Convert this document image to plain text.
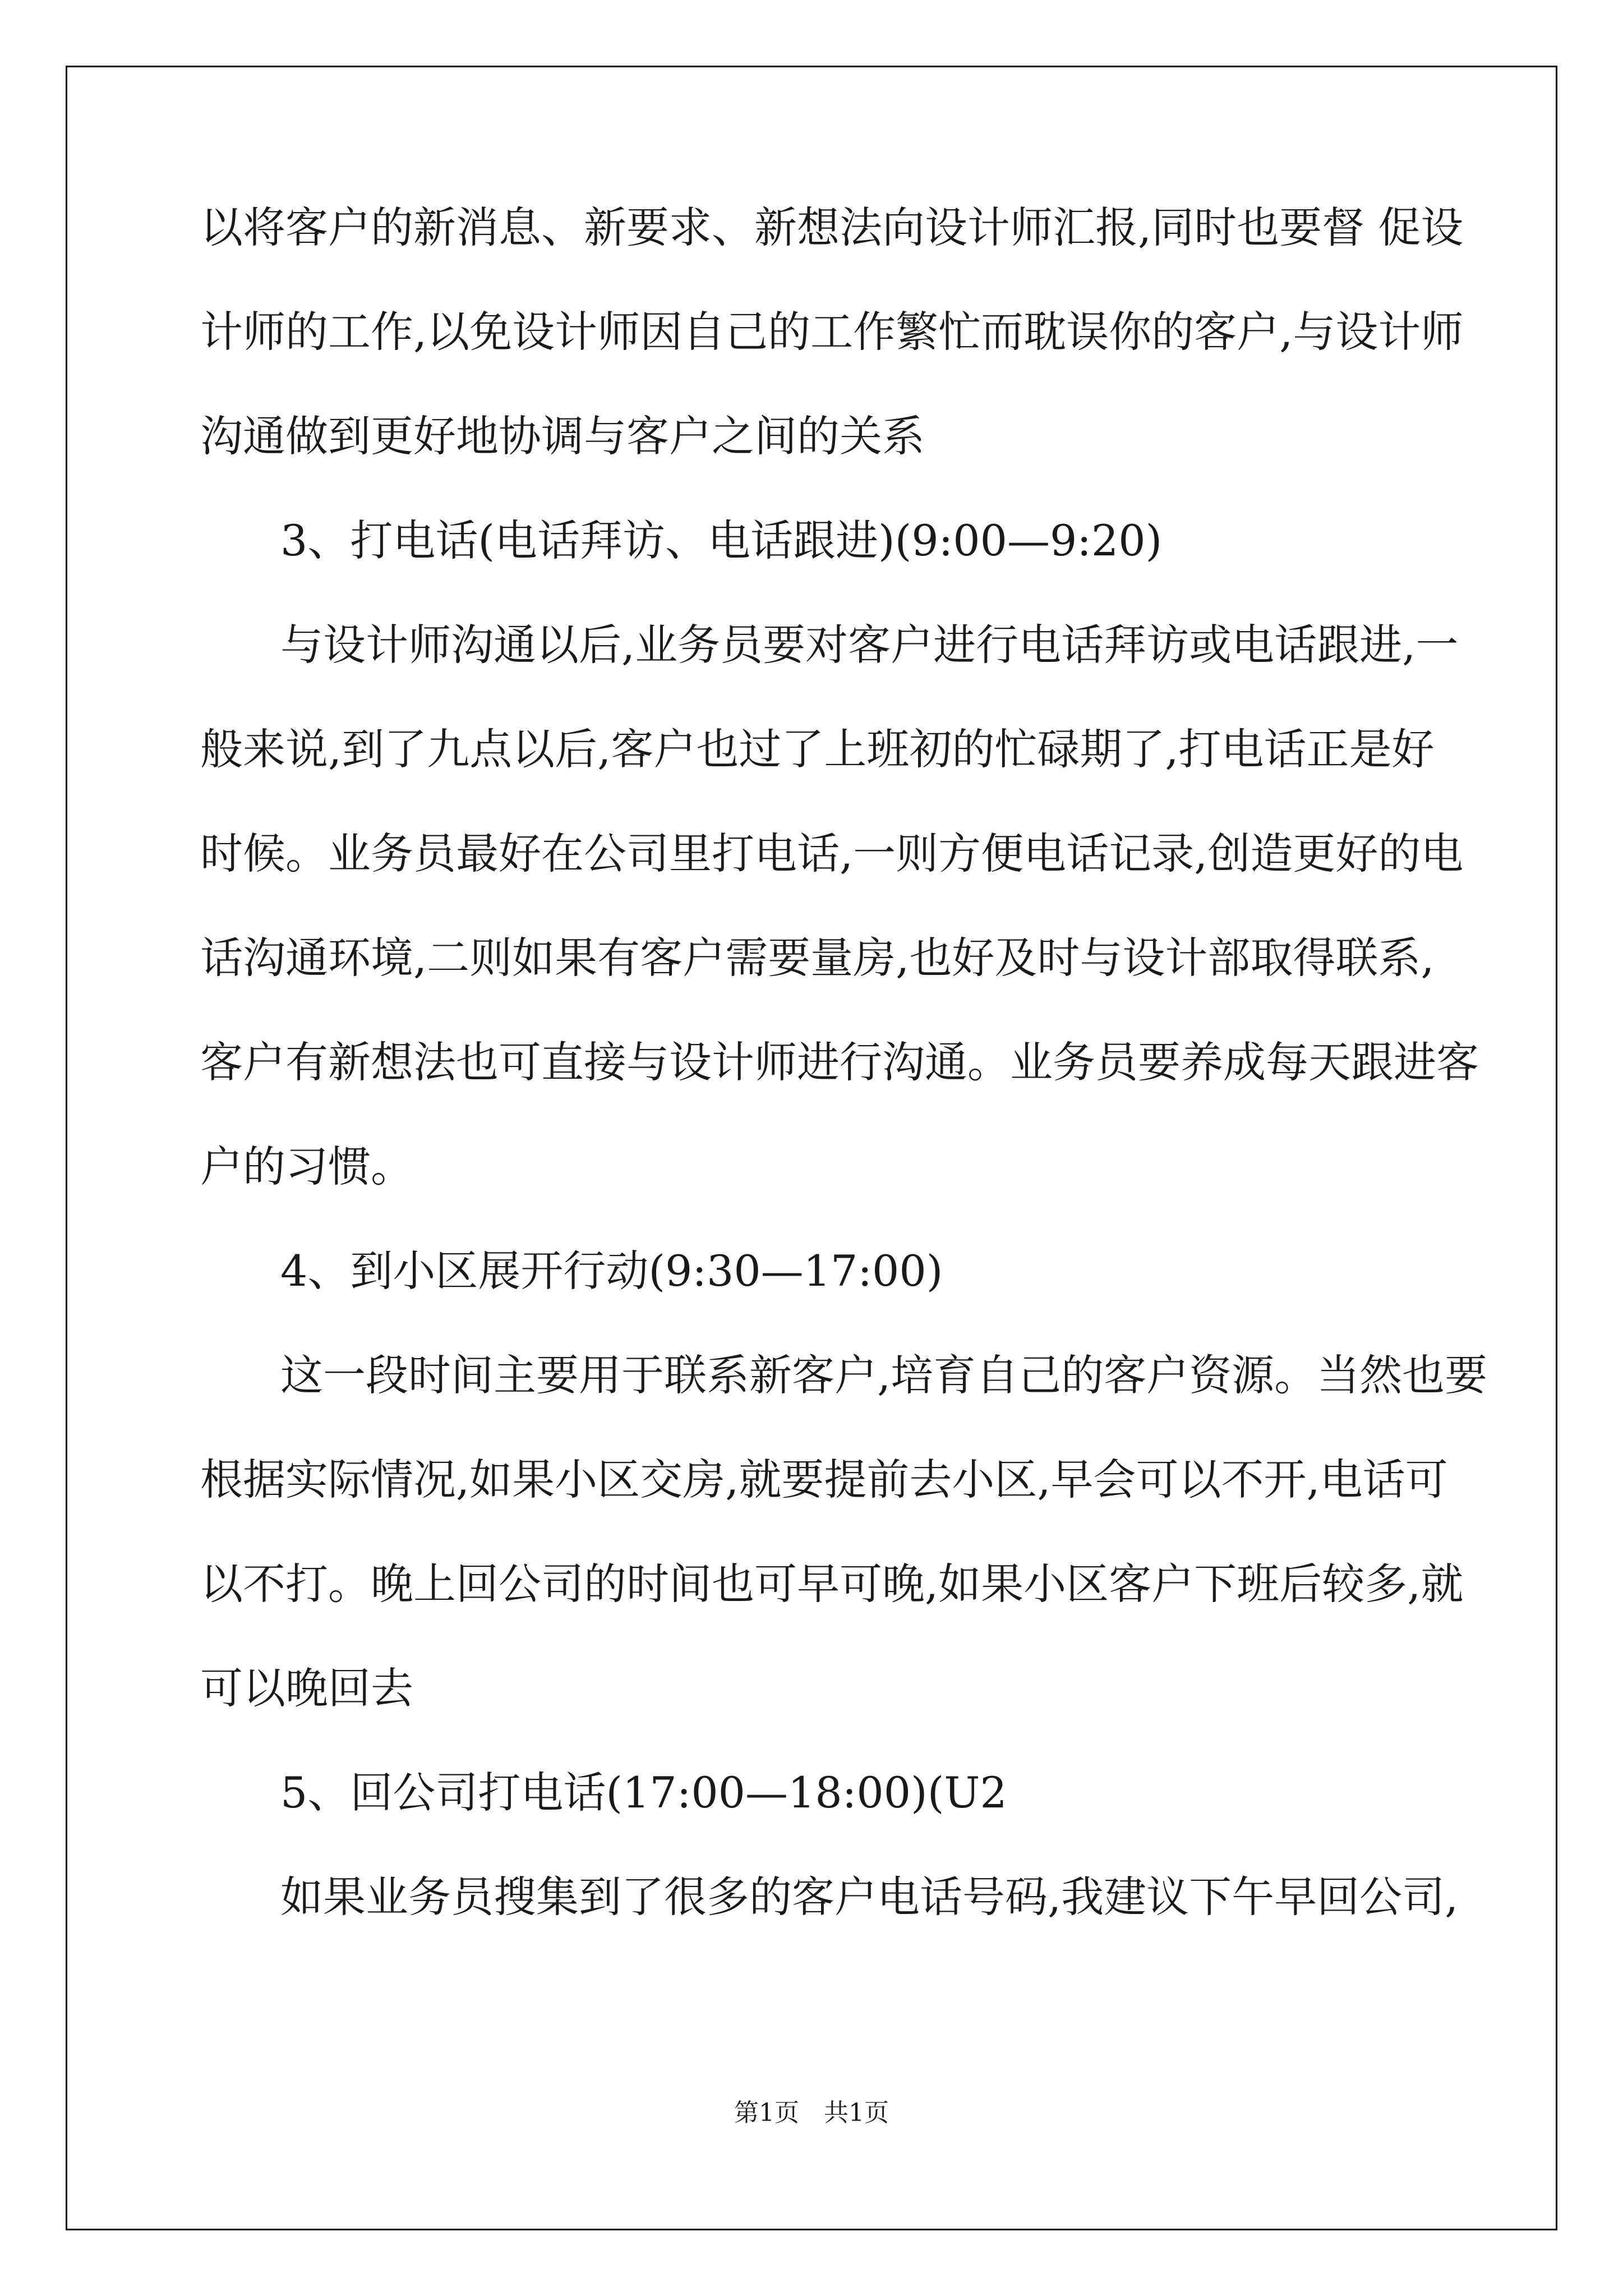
以将客户的新消息、新要求、新想法向设计师汇报,同时也要督 促设
计师的工作,以免设计师因自己的工作繁忙而耽误你的客户,与设计师
沟通做到更好地协调与客户之间的关系
3、打电话(电话拜访、电话跟进)(9:00—9:20)
与设计师沟通以后,业务员要对客户进行电话拜访或电话跟进,一
般来说,到了九点以后,客户也过了上班初的忙碌期了,打电话正是好
时候。业务员最好在公司里打电话,一则方便电话记录,创造更好的电
话沟通环境,二则如果有客户需要量房,也好及时与设计部取得联系,
客户有新想法也可直接与设计师进行沟通。业务员要养成每天跟进客
户的习惯。
4、到小区展开行动(9:30—17:00)
这一段时间主要用于联系新客户,培育自己的客户资源。当然也要
根据实际情况,如果小区交房,就要提前去小区,早会可以不开,电话可
以不打。晚上回公司的时间也可早可晚,如果小区客户下班后较多,就
可以晚回去
5、回公司打电话(17:00—18:00)(U2
如果业务员搜集到了很多的客户电话号码,我建议下午早回公司,
第1页　共1页
